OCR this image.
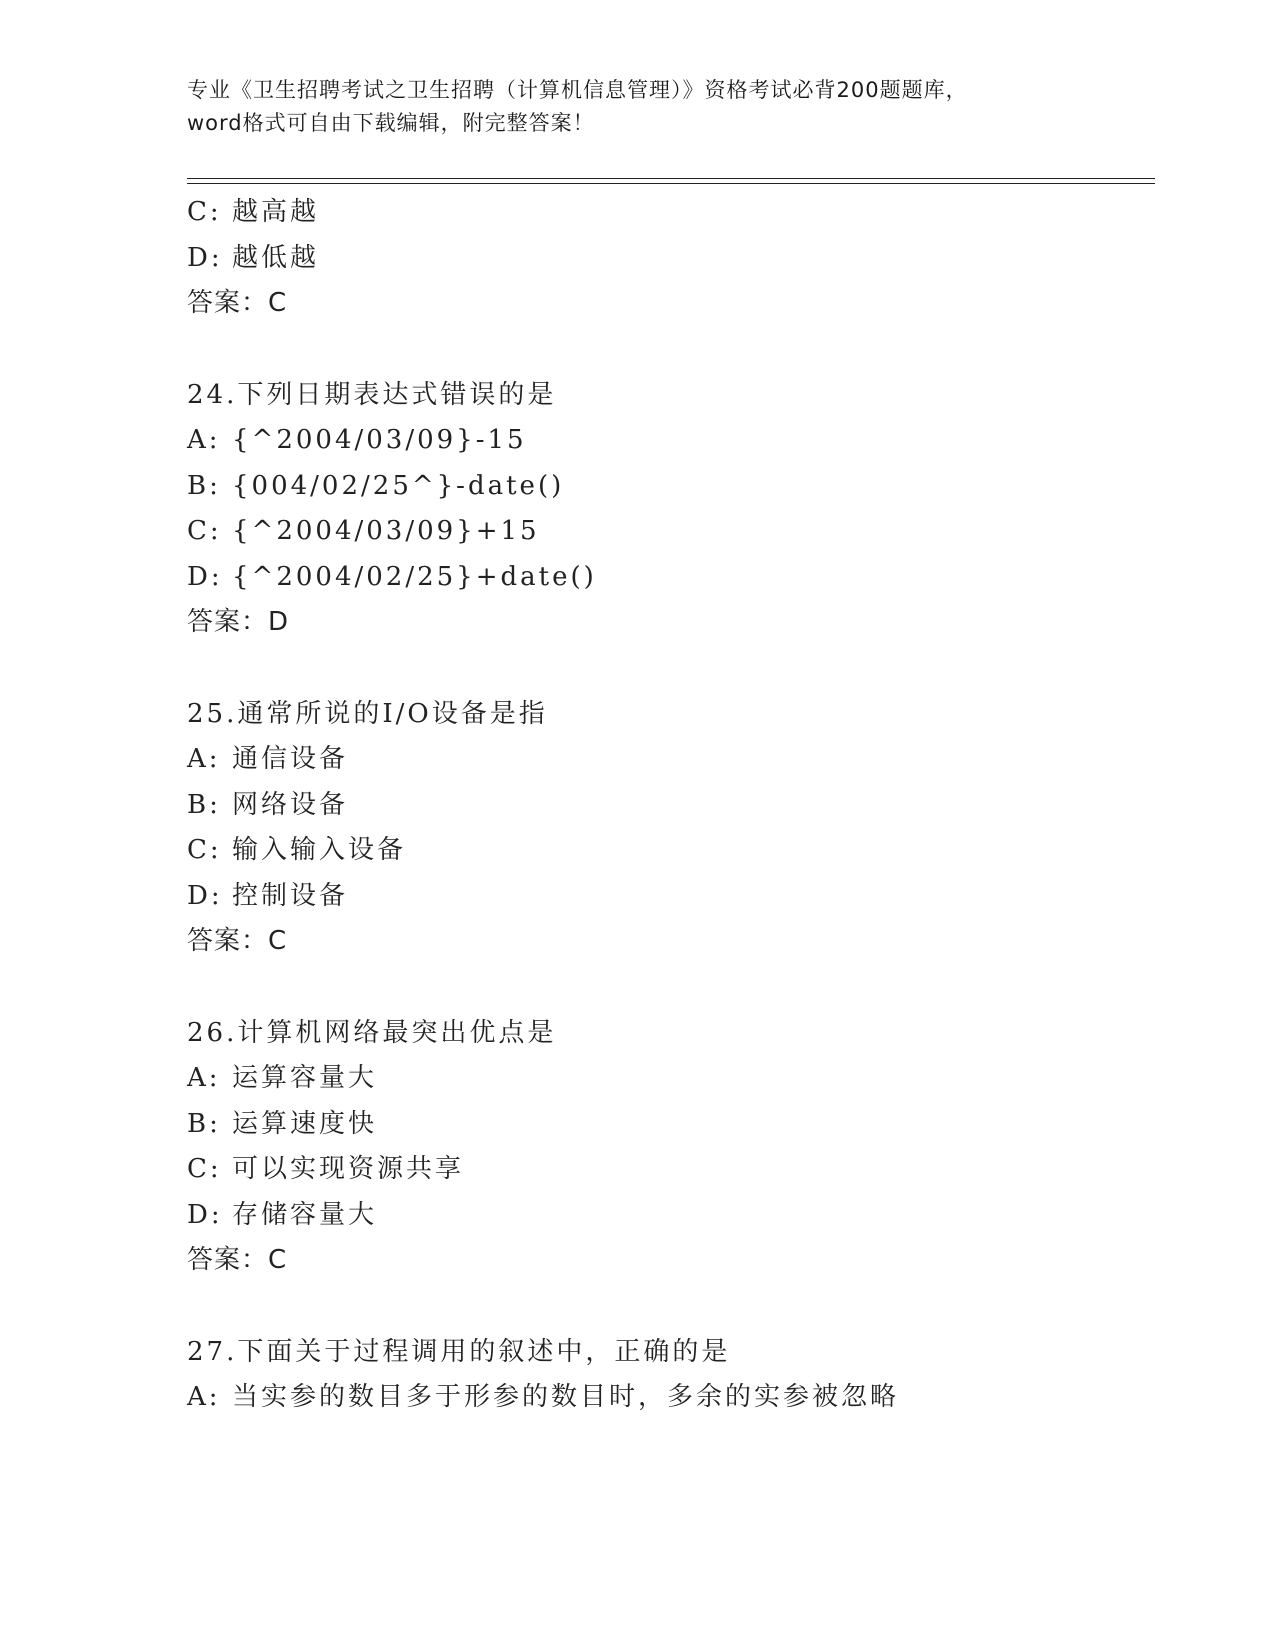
专业《卫生招聘考试之卫生招聘（计算机信息管理）》资格考试必背200题题库，
word格式可自由下载编辑，附完整答案！
C: 越高越
D: 越低越
答案：C
24.下列日期表达式错误的是
A: {^2004/03/09}-15
B: {004/02/25^}-date()
C: {^2004/03/09}+15
D: {^2004/02/25}+date()
答案：D
25.通常所说的I/O设备是指
A: 通信设备
B: 网络设备
C: 输入输入设备
D: 控制设备
答案：C
26.计算机网络最突出优点是
A: 运算容量大
B: 运算速度快
C: 可以实现资源共享
D: 存储容量大
答案：C
27.下面关于过程调用的叙述中，正确的是
A: 当实参的数目多于形参的数目时，多余的实参被忽略
